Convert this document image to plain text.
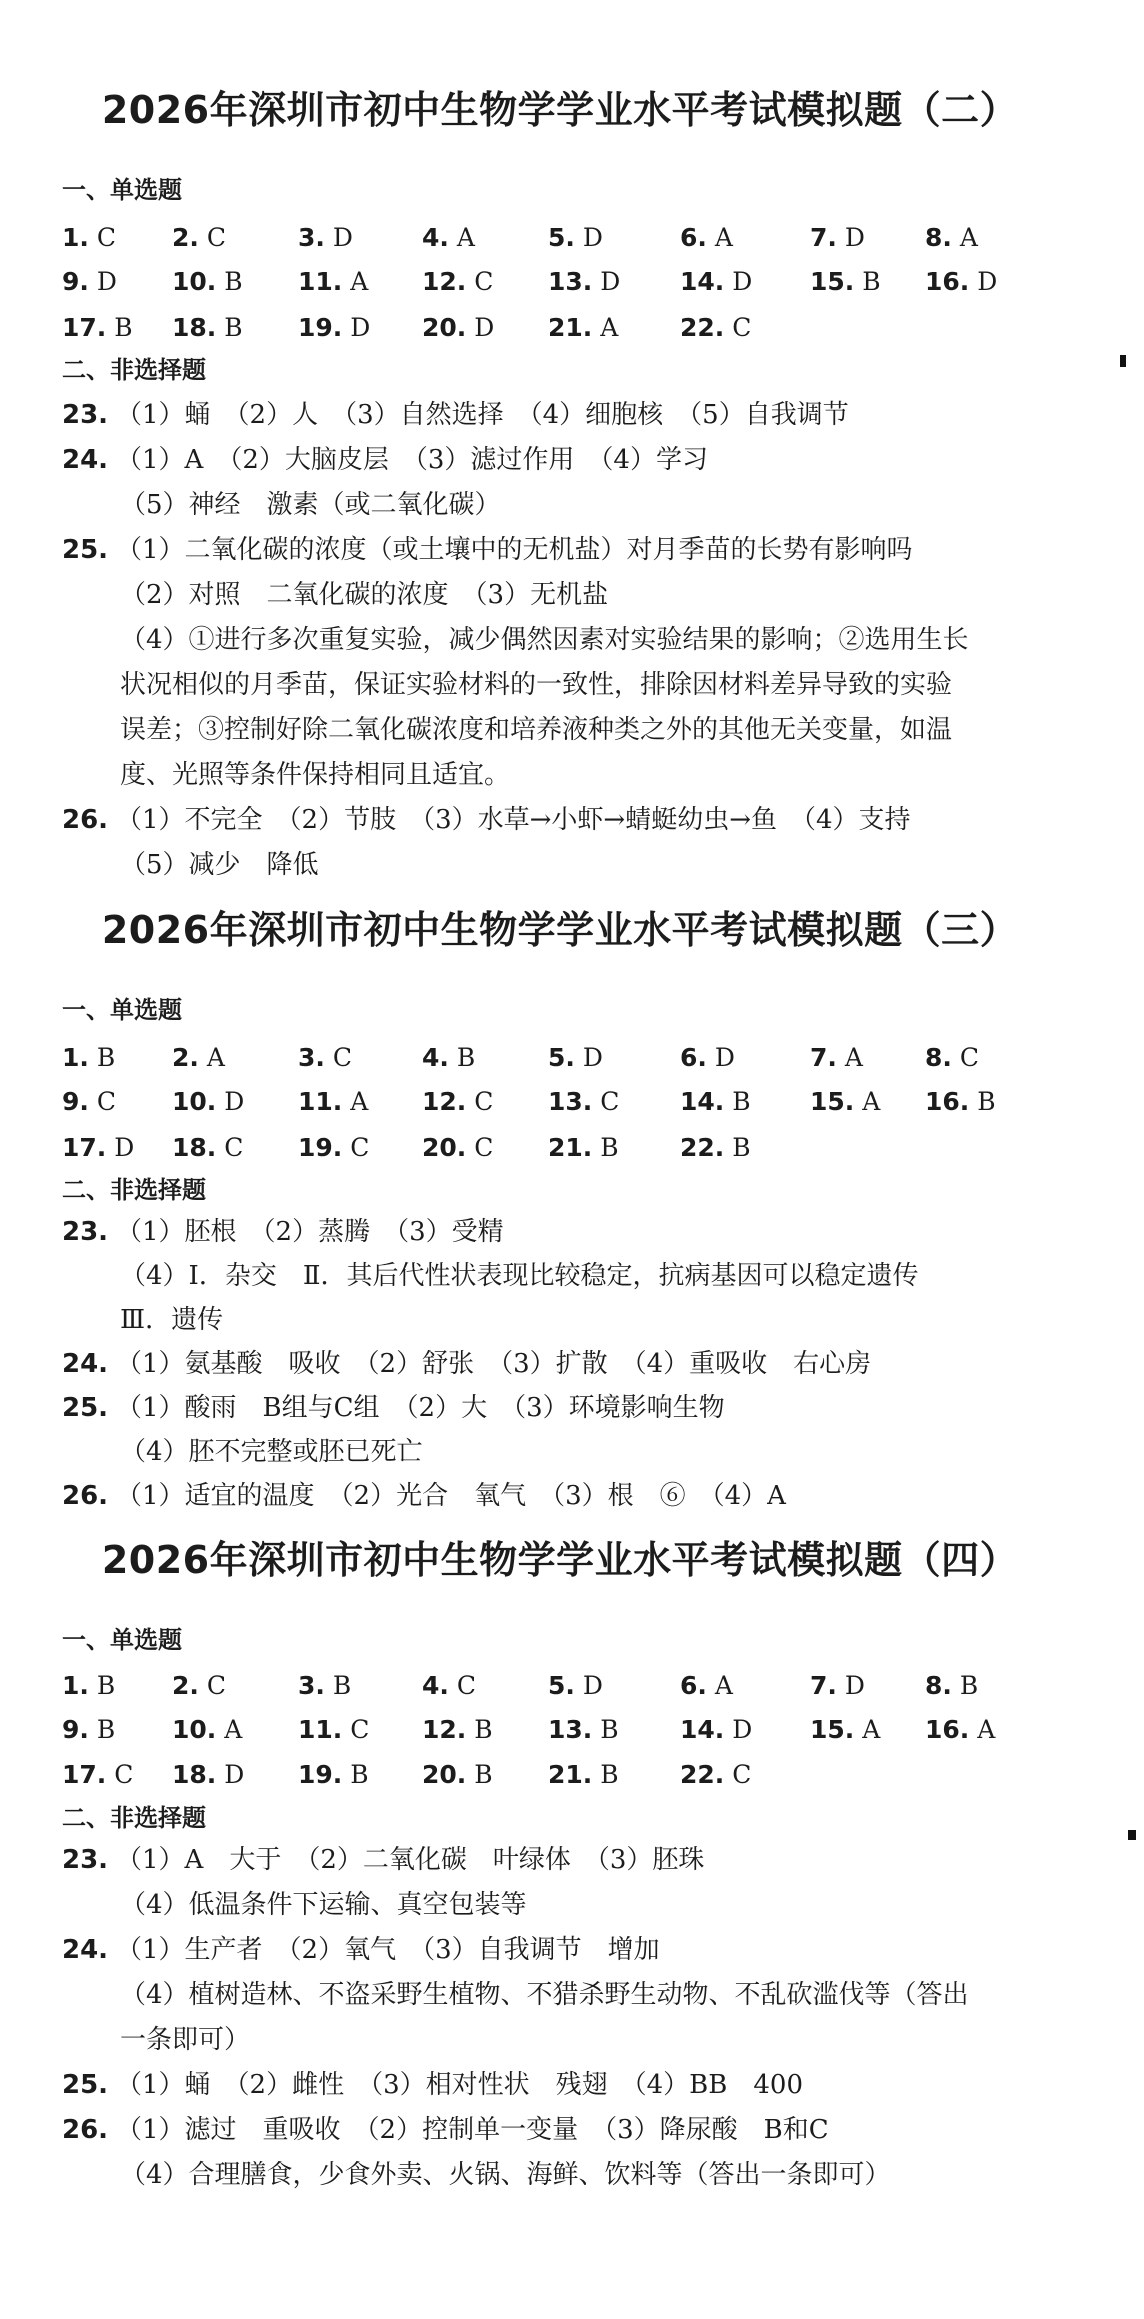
2026年深圳市初中生物学学业水平考试模拟题（二）
一、单选题
1. C 2. C	3. D	4. A	5. D	6. A	7. D 8. A
9. D 10. B 11. A 12. C 13. D 14. D 15. B 16. D
17. B 18. B 19. D 20. D 21. A 22. C
二、非选择题
23. （1）蛹　（2）人　（3）自然选择　（4）细胞核　（5）自我调节
24. （1）A　（2）大脑皮层　（3）滤过作用　（4）学习
（5）神经　激素（或二氧化碳）
25. （1）二氧化碳的浓度（或土壤中的无机盐）对月季苗的长势有影响吗
（2）对照　二氧化碳的浓度　（3）无机盐
（4）①进行多次重复实验，减少偶然因素对实验结果的影响；②选用生长
状况相似的月季苗，保证实验材料的一致性，排除因材料差异导致的实验
误差；③控制好除二氧化碳浓度和培养液种类之外的其他无关变量，如温
度、光照等条件保持相同且适宜。
26. （1）不完全　（2）节肢　（3）水草→小虾→蜻蜓幼虫→鱼　（4）支持
（5）减少　降低
2026年深圳市初中生物学学业水平考试模拟题（三）
一、单选题
1. B 2. A	3. C	4. B	5. D	6. D	7. A 8. C
9. C 10. D 11. A 12. C 13. C 14. B 15. A 16. B
17. D 18. C 19. C 20. C 21. B 22. B
二、非选择题
23. （1）胚根　（2）蒸腾　（3）受精
（4）Ⅰ．杂交　Ⅱ．其后代性状表现比较稳定，抗病基因可以稳定遗传
Ⅲ．遗传
24. （1）氨基酸　吸收　（2）舒张　（3）扩散　（4）重吸收　右心房
25. （1）酸雨　B组与C组　（2）大　（3）环境影响生物
（4）胚不完整或胚已死亡
26. （1）适宜的温度　（2）光合　氧气　（3）根　⑥　（4）A
2026年深圳市初中生物学学业水平考试模拟题（四）
一、单选题
1. B 2. C	3. B	4. C	5. D	6. A	7. D 8. B
9. B 10. A 11. C 12. B 13. B 14. D 15. A 16. A
17. C 18. D 19. B 20. B 21. B 22. C
二、非选择题
23. （1）A　大于　（2）二氧化碳　叶绿体　（3）胚珠
（4）低温条件下运输、真空包装等
24. （1）生产者　（2）氧气　（3）自我调节　增加
（4）植树造林、不盗采野生植物、不猎杀野生动物、不乱砍滥伐等（答出
一条即可）
25. （1）蛹　（2）雌性　（3）相对性状　残翅　（4）BB　400
26. （1）滤过　重吸收　（2）控制单一变量　（3）降尿酸　B和C
（4）合理膳食，少食外卖、火锅、海鲜、饮料等（答出一条即可）
